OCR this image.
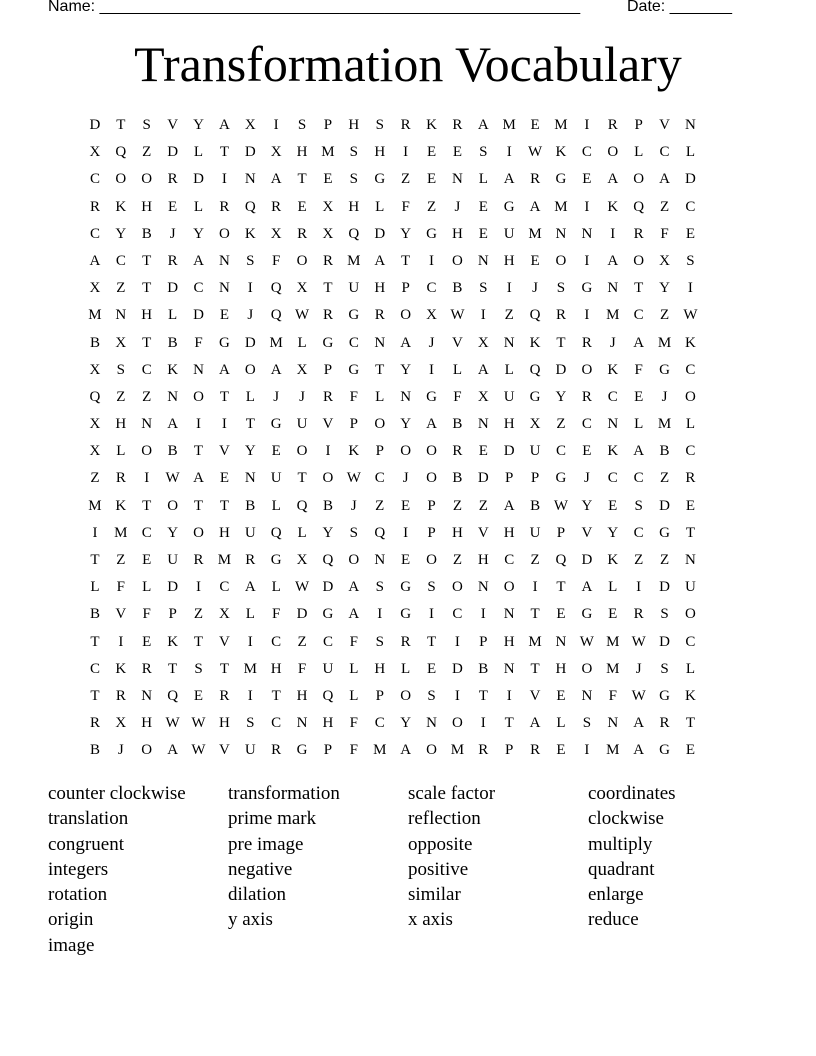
Name: ______________________________________________________	Date: _______
Transformation Vocabulary
D T S V Y A X I S P H S R K R A M E M I R P V N
X Q Z D L T D X H M S H I E E S I W K C O L C L
C O O R D I N A T E S G Z E N L A R G E A O A D
R K H E L R Q R E X H L F Z J E G A M I K Q Z C
C Y B J Y O K X R X Q D Y G H E U M N N I R F E
A C T R A N S F O R M A T I O N H E O I A O X S
X Z T D C N I Q X T U H P C B S I J S G N T Y I
M N H L D E J Q W R G R O X W I Z Q R I M C Z W
B X T B F G D M L G C N A J V X N K T R J A M K
X S C K N A O A X P G T Y I L A L Q D O K F G C
Q Z Z N O T L J J R F L N G F X U G Y R C E J O
X H N A I I T G U V P O Y A B N H X Z C N L M L
X L O B T V Y E O I K P O O R E D U C E K A B C
Z R I W A E N U T O W C J O B D P P G J C C Z R
M K T O T T B L Q B J Z E P Z Z A B W Y E S D E
I M C Y O H U Q L Y S Q I P H V H U P V Y C G T
T Z E U R M R G X Q O N E O Z H C Z Q D K Z Z N
L F L D I C A L W D A S G S O N O I T A L I D U
B V F P Z X L F D G A I G I C I N T E G E R S O
T I E K T V I C Z C F S R T I P H M N W M W D C
C K R T S T M H F U L H L E D B N T H O M J S L
T R N Q E R I T H Q L P O S I T I V E N F W G K
R X H W W H S C N H F C Y N O I T A L S N A R T
B J O A W V U R G P F M A O M R P R E I M A G E
counter clockwise	transformation	scale factor	coordinates
translation	prime mark	reflection	clockwise
congruent	pre image	opposite	multiply
integers	negative	positive	quadrant
rotation	dilation	similar	enlarge
origin	y axis	x axis	reduce
image
